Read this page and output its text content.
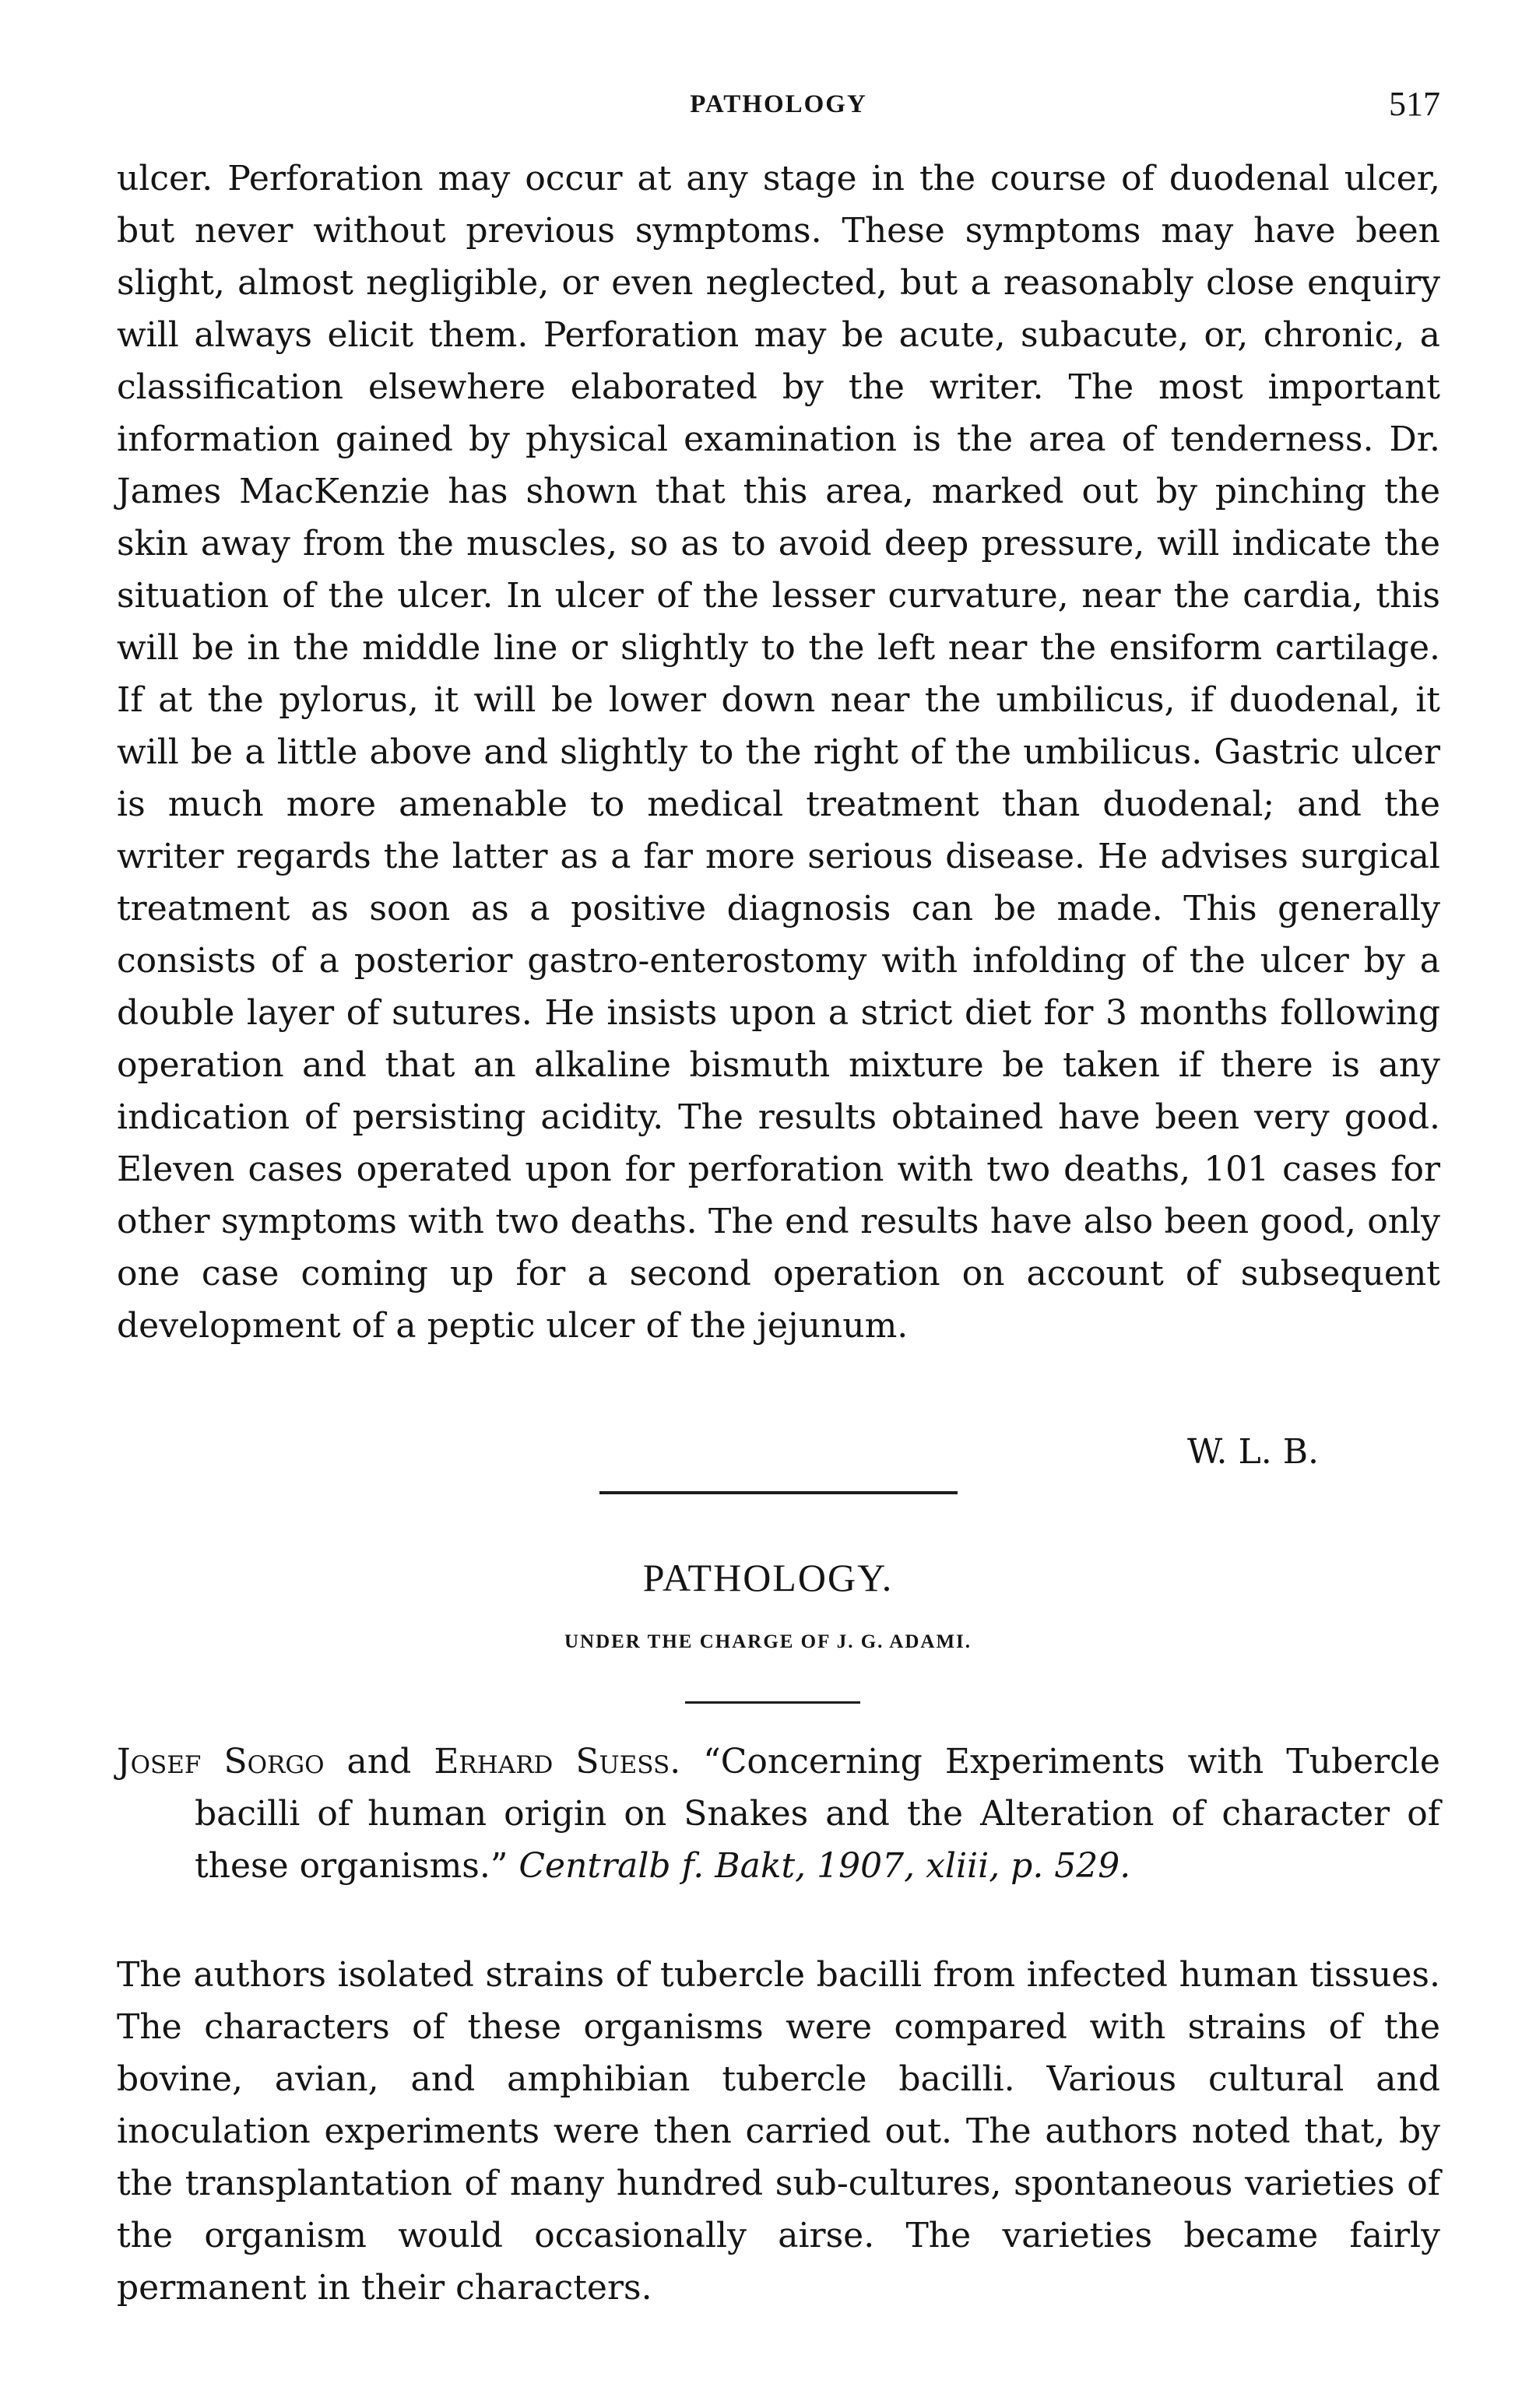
PATHOLOGY	517

ulcer. Perforation may occur at any stage in the course of duodenal ulcer, but never without previous symptoms. These symptoms may have been slight, almost negligible, or even neglected, but a reasonably close enquiry will always elicit them. Perforation may be acute, subacute, or, chronic, a classification elsewhere elaborated by the writer. The most important information gained by physical examination is the area of tenderness. Dr. James MacKenzie has shown that this area, marked out by pinching the skin away from the muscles, so as to avoid deep pressure, will indicate the situation of the ulcer. In ulcer of the lesser curvature, near the cardia, this will be in the middle line or slightly to the left near the ensiform cartilage. If at the pylorus, it will be lower down near the umbilicus, if duodenal, it will be a little above and slightly to the right of the umbilicus. Gastric ulcer is much more amenable to medical treatment than duodenal; and the writer regards the latter as a far more serious disease. He advises surgical treatment as soon as a positive diagnosis can be made. This generally consists of a posterior gastro-enterostomy with infolding of the ulcer by a double layer of sutures. He insists upon a strict diet for 3 months following operation and that an alkaline bismuth mixture be taken if there is any indication of persisting acidity. The results obtained have been very good. Eleven cases operated upon for perforation with two deaths, 101 cases for other symptoms with two deaths. The end results have also been good, only one case coming up for a second operation on account of subsequent development of a peptic ulcer of the jejunum.

W. L. B.
PATHOLOGY.
UNDER THE CHARGE OF J. G. ADAMI.
Josef Sorgo and Erhard Suess. “Concerning Experiments with Tubercle bacilli of human origin on Snakes and the Alteration of character of these organisms.” Centralb f. Bakt, 1907, xliii, p. 529.

The authors isolated strains of tubercle bacilli from infected human tissues. The characters of these organisms were compared with strains of the bovine, avian, and amphibian tubercle bacilli. Various cultural and inoculation experiments were then carried out. The authors noted that, by the transplantation of many hundred sub-cultures, spontaneous varieties of the organism would occasionally airse. The varieties became fairly permanent in their characters.
